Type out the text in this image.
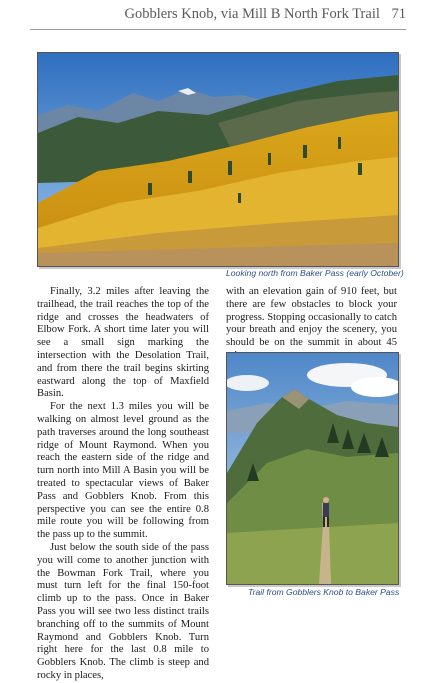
Gobblers Knob, via Mill B North Fork Trail 71
Looking north from Baker Pass (early October)

Finally, 3.2 miles after leaving the trailhead, the trail reaches the top of the ridge and crosses the headwaters of Elbow Fork. A short time later you will see a small sign marking the intersection with the Desolation Trail, and from there the trail begins skirting eastward along the top of Maxfield Basin.

For the next 1.3 miles you will be walking on almost level ground as the path traverses around the long southeast ridge of Mount Raymond. When you reach the eastern side of the ridge and turn north into Mill A Basin you will be treated to spectacular views of Baker Pass and Gobblers Knob. From this perspective you can see the entire 0.8 mile route you will be following from the pass up to the summit.

Just below the south side of the pass you will come to another junction with the Bowman Fork Trail, where you must turn left for the final 150-foot climb up to the pass. Once in Baker Pass you will see two less distinct trails branching off to the summits of Mount Raymond and Gobblers Knob. Turn right here for the last 0.8 mile to Gobblers Knob. The climb is steep and rocky in places,

with an elevation gain of 910 feet, but there are few obstacles to block your progress. Stopping occasionally to catch your breath and enjoy the scenery, you should be on the summit in about 45

Trail from Gobblers Knob to Baker Pass
